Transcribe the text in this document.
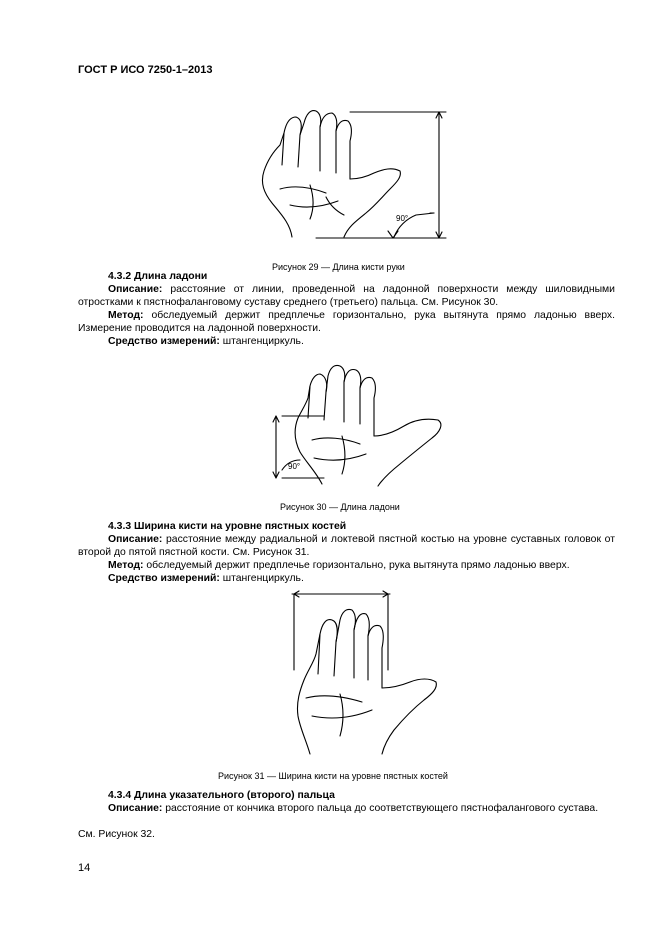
ГОСТ Р ИСО 7250-1–2013
90°
Рисунок 29 — Длина кисти руки
4.3.2 Длина ладони
Описание: расстояние от линии, проведенной на ладонной поверхности между шиловидными отростками к пястнофаланговому суставу среднего (третьего) пальца. См. Рисунок 30.
Метод: обследуемый держит предплечье горизонтально, рука вытянута прямо ладонью вверх. Измерение проводится на ладонной поверхности.
Средство измерений: штангенциркуль.
90°
Рисунок 30 — Длина ладони
4.3.3 Ширина кисти на уровне пястных костей
Описание: расстояние между радиальной и локтевой пястной костью на уровне суставных головок от второй до пятой пястной кости. См. Рисунок 31.
Метод: обследуемый держит предплечье горизонтально, рука вытянута прямо ладонью вверх.
Средство измерений: штангенциркуль.
Рисунок 31 — Ширина кисти на уровне пястных костей
4.3.4 Длина указательного (второго) пальца
Описание: расстояние от кончика второго пальца до соответствующего пястнофалангового сустава.
См. Рисунок 32.
14
